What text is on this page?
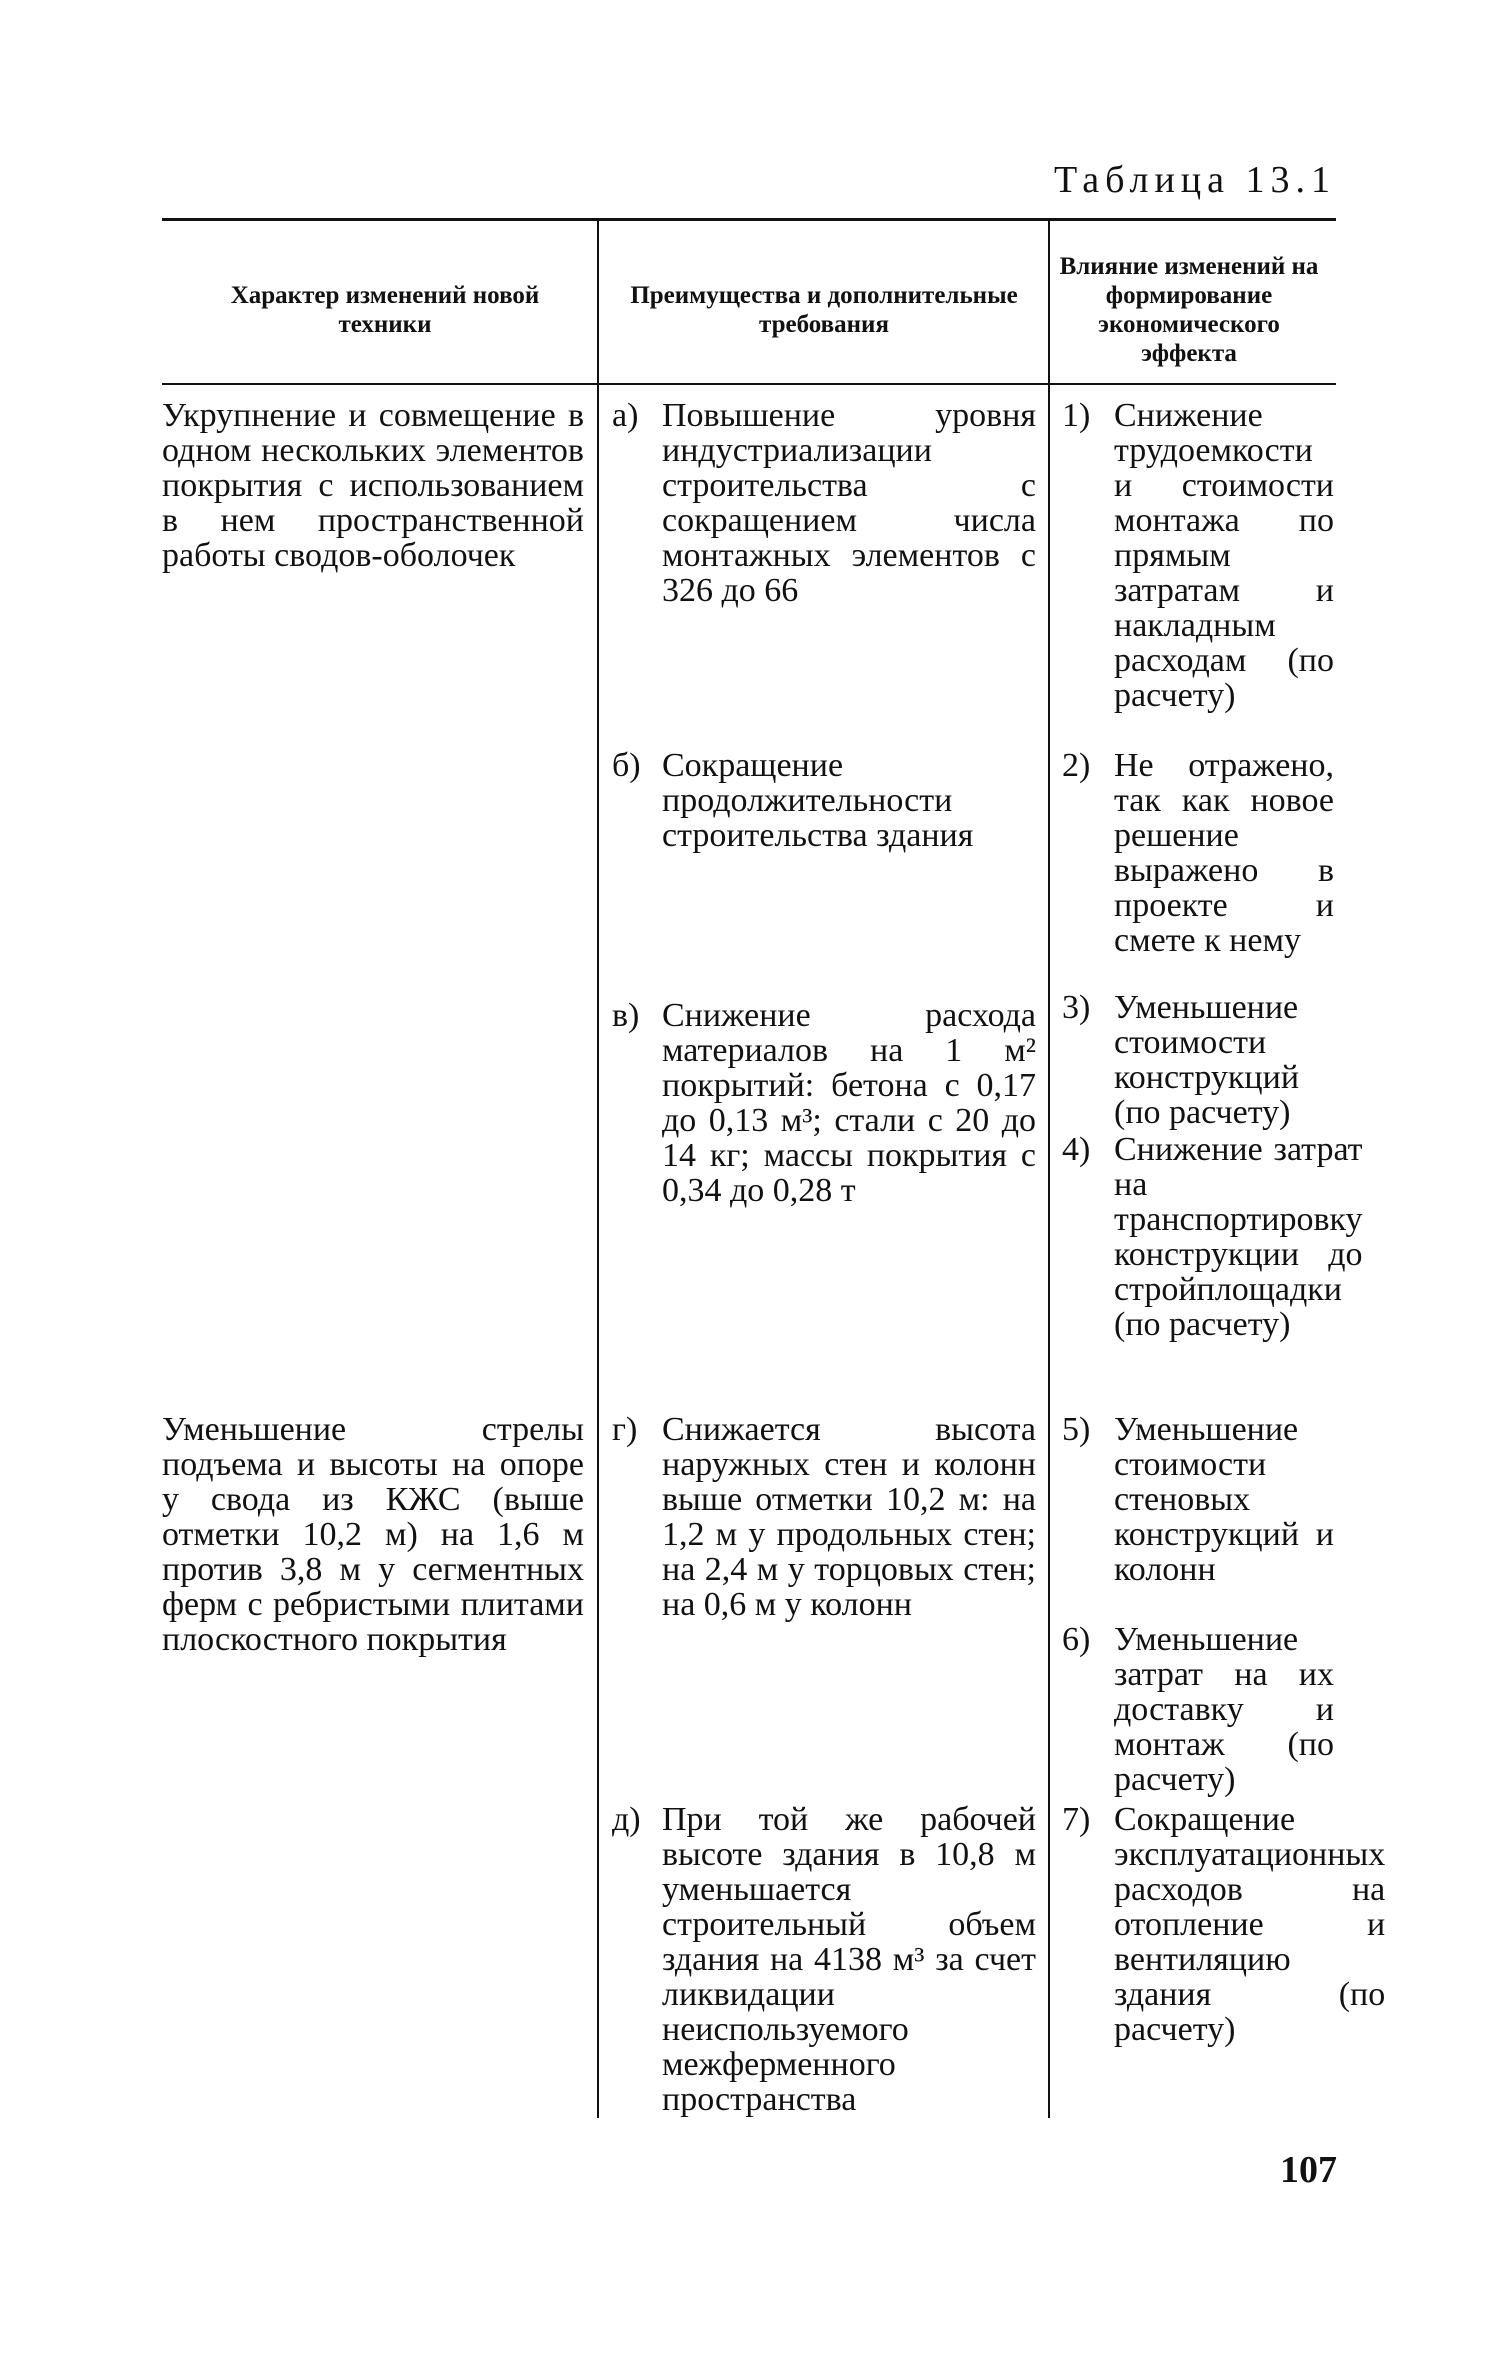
Таблица 13.1
Характер изменений новой техники
Преимущества и дополнительные требования
Влияние изменений на формирование экономического эффекта
Укрупнение и совмещение в одном нескольких элементов покрытия с использованием в нем пространственной работы сводов-оболочек
Уменьшение стрелы подъема и высоты на опоре у свода из КЖС (выше отметки 10,2 м) на 1,6 м против 3,8 м у сегментных ферм с ребристыми плитами плоскостного покрытия
а) Повышение уровня индустриализации строительства с сокращением числа монтажных элементов с 326 до 66
б) Сокращение продолжительности строительства здания
в) Снижение расхода материалов на 1 м² покрытий: бетона с 0,17 до 0,13 м³; стали с 20 до 14 кг; массы покрытия с 0,34 до 0,28 т
г) Снижается высота наружных стен и колонн выше отметки 10,2 м: на 1,2 м у продольных стен; на 2,4 м у торцовых стен; на 0,6 м у колонн
д) При той же рабочей высоте здания в 10,8 м уменьшается строительный объем здания на 4138 м³ за счет ликвидации неиспользуемого межферменного пространства
1) Снижение трудоемкости и стоимости монтажа по прямым затратам и накладным расходам (по расчету)
2) Не отражено, так как новое решение выражено в проекте и смете к нему
3) Уменьшение стоимости конструкций (по расчету)
4) Снижение затрат на транспортировку конструкции до стройплощадки (по расчету)
5) Уменьшение стоимости стеновых конструкций и колонн
6) Уменьшение затрат на их доставку и монтаж (по расчету)
7) Сокращение эксплуатационных расходов на отопление и вентиляцию здания (по расчету)
107
